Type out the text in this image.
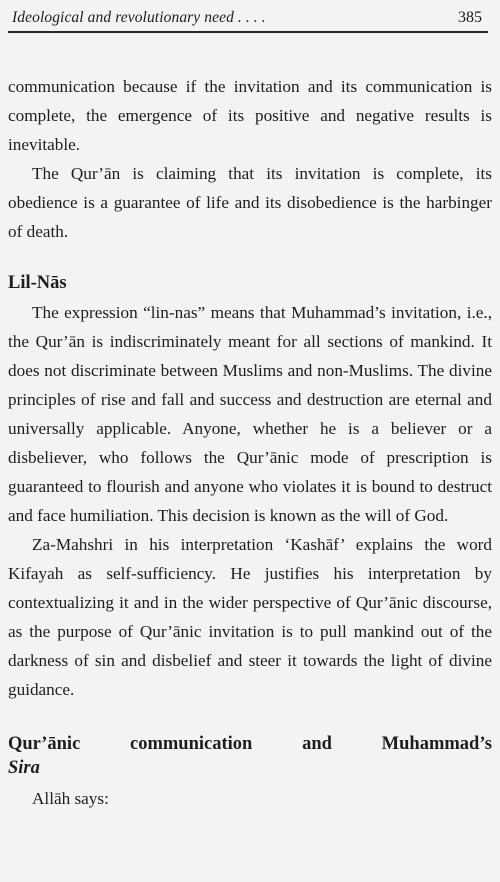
Ideological and revolutionary need . . . .	385

communication because if the invitation and its communication is complete, the emergence of its positive and negative results is inevitable.

The Qur’ān is claiming that its invitation is complete, its obedience is a guarantee of life and its disobedience is the harbinger of death.

Lil-Nās

The expression “lin-nas” means that Muhammad’s invitation, i.e., the Qur’ān is indiscriminately meant for all sections of mankind. It does not discriminate between Muslims and non-Muslims. The divine principles of rise and fall and success and destruction are eternal and universally applicable. Anyone, whether he is a believer or a disbeliever, who follows the Qur’ānic mode of prescription is guaranteed to flourish and anyone who violates it is bound to destruct and face humiliation. This decision is known as the will of God.

Za-Mahshri in his interpretation ‘Kashāf’ explains the word Kifayah as self-sufficiency. He justifies his interpretation by contextualizing it and in the wider perspective of Qur’ānic discourse, as the purpose of Qur’ānic invitation is to pull mankind out of the darkness of sin and disbelief and steer it towards the light of divine guidance.

Qur’ānic communication and Muhammad’s
Sira

Allāh says:
